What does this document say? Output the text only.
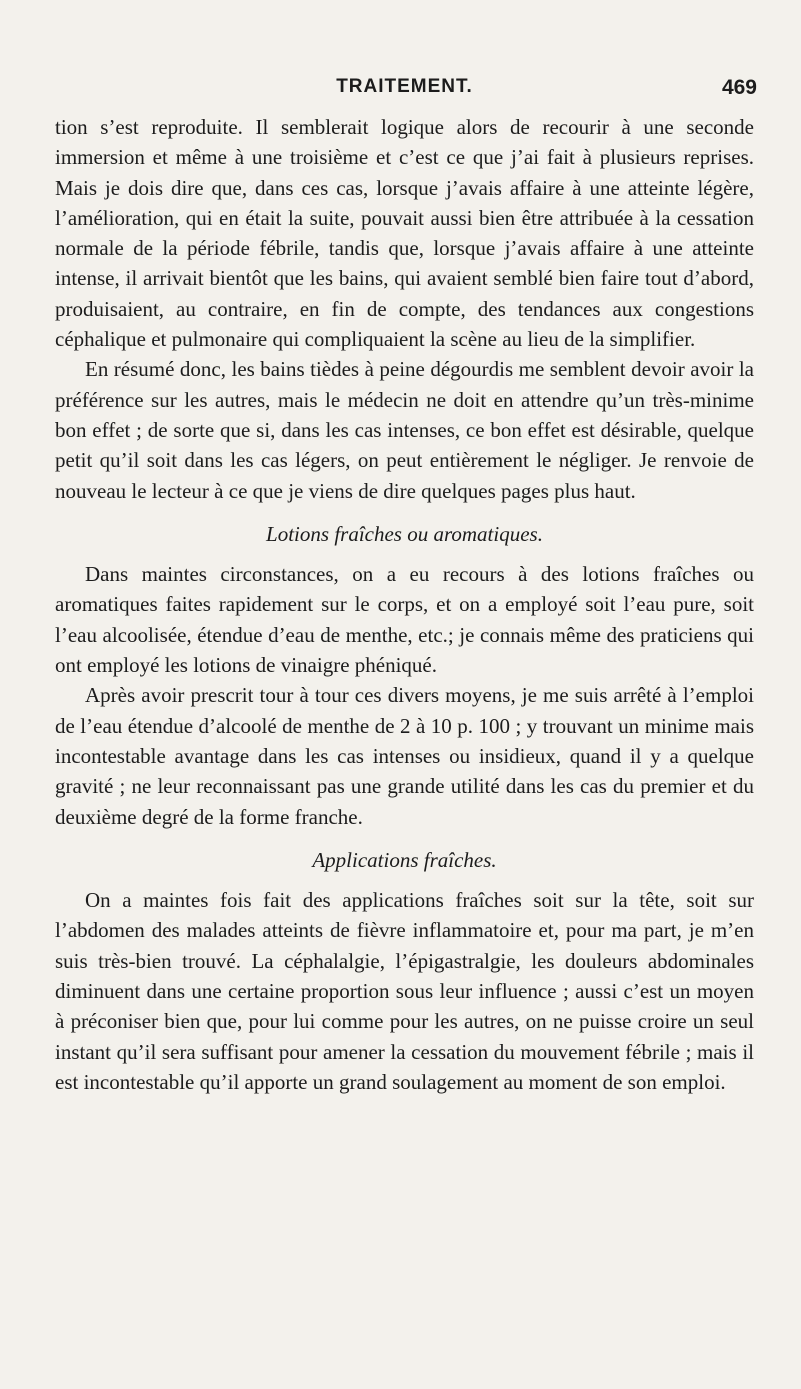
TRAITEMENT.	469

tion s’est reproduite. Il semblerait logique alors de recourir à une seconde immersion et même à une troisième et c’est ce que j’ai fait à plusieurs reprises. Mais je dois dire que, dans ces cas, lorsque j’avais affaire à une atteinte légère, l’amélioration, qui en était la suite, pouvait aussi bien être attribuée à la cessation normale de la période fébrile, tandis que, lorsque j’avais affaire à une atteinte intense, il arrivait bientôt que les bains, qui avaient semblé bien faire tout d’abord, produisaient, au contraire, en fin de compte, des tendances aux congestions céphalique et pulmonaire qui compliquaient la scène au lieu de la simplifier.

En résumé donc, les bains tièdes à peine dégourdis me semblent devoir avoir la préférence sur les autres, mais le médecin ne doit en attendre qu’un très-minime bon effet ; de sorte que si, dans les cas intenses, ce bon effet est désirable, quelque petit qu’il soit dans les cas légers, on peut entièrement le négliger. Je renvoie de nouveau le lecteur à ce que je viens de dire quelques pages plus haut.

Lotions fraîches ou aromatiques.

Dans maintes circonstances, on a eu recours à des lotions fraîches ou aromatiques faites rapidement sur le corps, et on a employé soit l’eau pure, soit l’eau alcoolisée, étendue d’eau de menthe, etc.; je connais même des praticiens qui ont employé les lotions de vinaigre phéniqué.

Après avoir prescrit tour à tour ces divers moyens, je me suis arrêté à l’emploi de l’eau étendue d’alcoolé de menthe de 2 à 10 p. 100 ; y trouvant un minime mais incontestable avantage dans les cas intenses ou insidieux, quand il y a quelque gravité ; ne leur reconnaissant pas une grande utilité dans les cas du premier et du deuxième degré de la forme franche.

Applications fraîches.

On a maintes fois fait des applications fraîches soit sur la tête, soit sur l’abdomen des malades atteints de fièvre inflammatoire et, pour ma part, je m’en suis très-bien trouvé. La céphalalgie, l’épigastralgie, les douleurs abdominales diminuent dans une certaine proportion sous leur influence ; aussi c’est un moyen à préconiser bien que, pour lui comme pour les autres, on ne puisse croire un seul instant qu’il sera suffisant pour amener la cessation du mouvement fébrile ; mais il est incontestable qu’il apporte un grand soulagement au moment de son emploi.
